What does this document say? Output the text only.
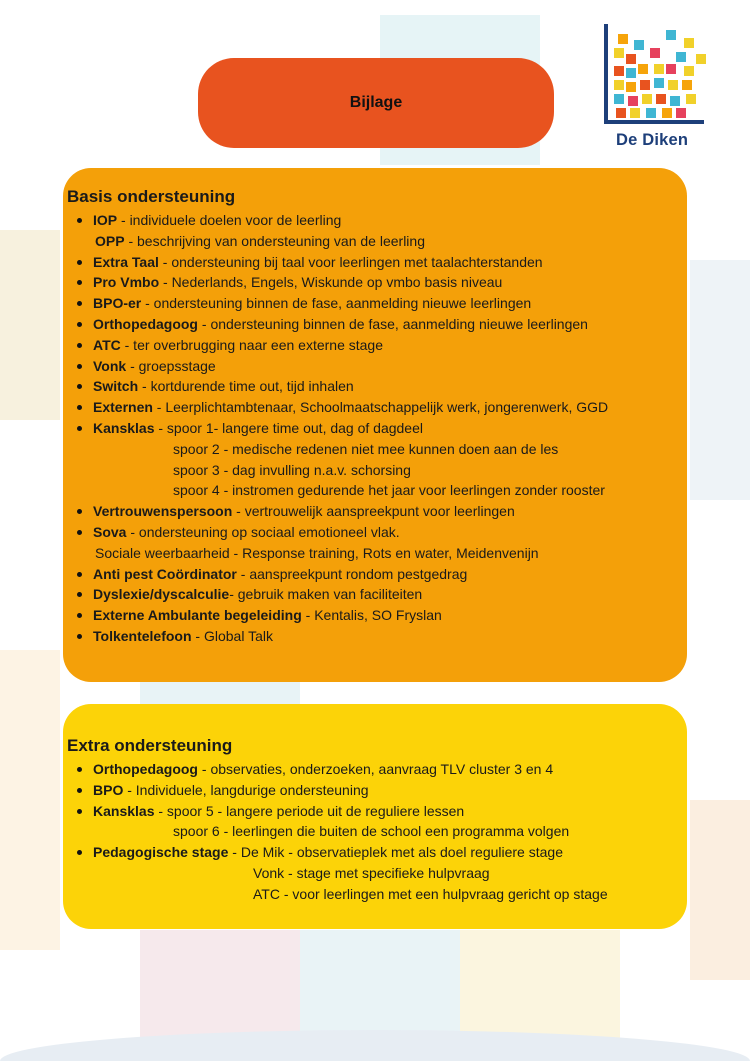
Bijlage
De Diken
Basis ondersteuning
IOP - individuele doelen voor de leerling
OPP - beschrijving van ondersteuning van de leerling
Extra Taal - ondersteuning bij taal voor leerlingen met taalachterstanden
Pro Vmbo - Nederlands, Engels, Wiskunde op vmbo basis niveau
BPO-er - ondersteuning binnen de fase, aanmelding nieuwe leerlingen
Orthopedagoog - ondersteuning binnen de fase, aanmelding nieuwe leerlingen
ATC - ter overbrugging naar een externe stage
Vonk - groepsstage
Switch - kortdurende time out, tijd inhalen
Externen - Leerplichtambtenaar, Schoolmaatschappelijk werk, jongerenwerk, GGD
Kansklas - spoor 1- langere time out, dag of dagdeel
spoor 2 - medische redenen niet mee kunnen doen aan de les
spoor 3 - dag invulling n.a.v. schorsing
spoor 4 - instromen gedurende het jaar voor leerlingen zonder rooster
Vertrouwenspersoon - vertrouwelijk aanspreekpunt voor leerlingen
Sova - ondersteuning op sociaal emotioneel vlak.
Sociale weerbaarheid - Response training, Rots en water, Meidenvenijn
Anti pest Coördinator - aanspreekpunt rondom pestgedrag
Dyslexie/dyscalculie- gebruik maken van faciliteiten
Externe Ambulante begeleiding - Kentalis, SO Fryslan
Tolkentelefoon - Global Talk
Extra ondersteuning
Orthopedagoog - observaties, onderzoeken, aanvraag TLV cluster 3 en 4
BPO - Individuele, langdurige ondersteuning
Kansklas - spoor 5 - langere periode uit de reguliere lessen
spoor 6 - leerlingen die buiten de school een programma volgen
Pedagogische stage - De Mik - observatieplek met als doel reguliere stage
Vonk - stage met specifieke hulpvraag
ATC - voor leerlingen met een hulpvraag gericht op stage
